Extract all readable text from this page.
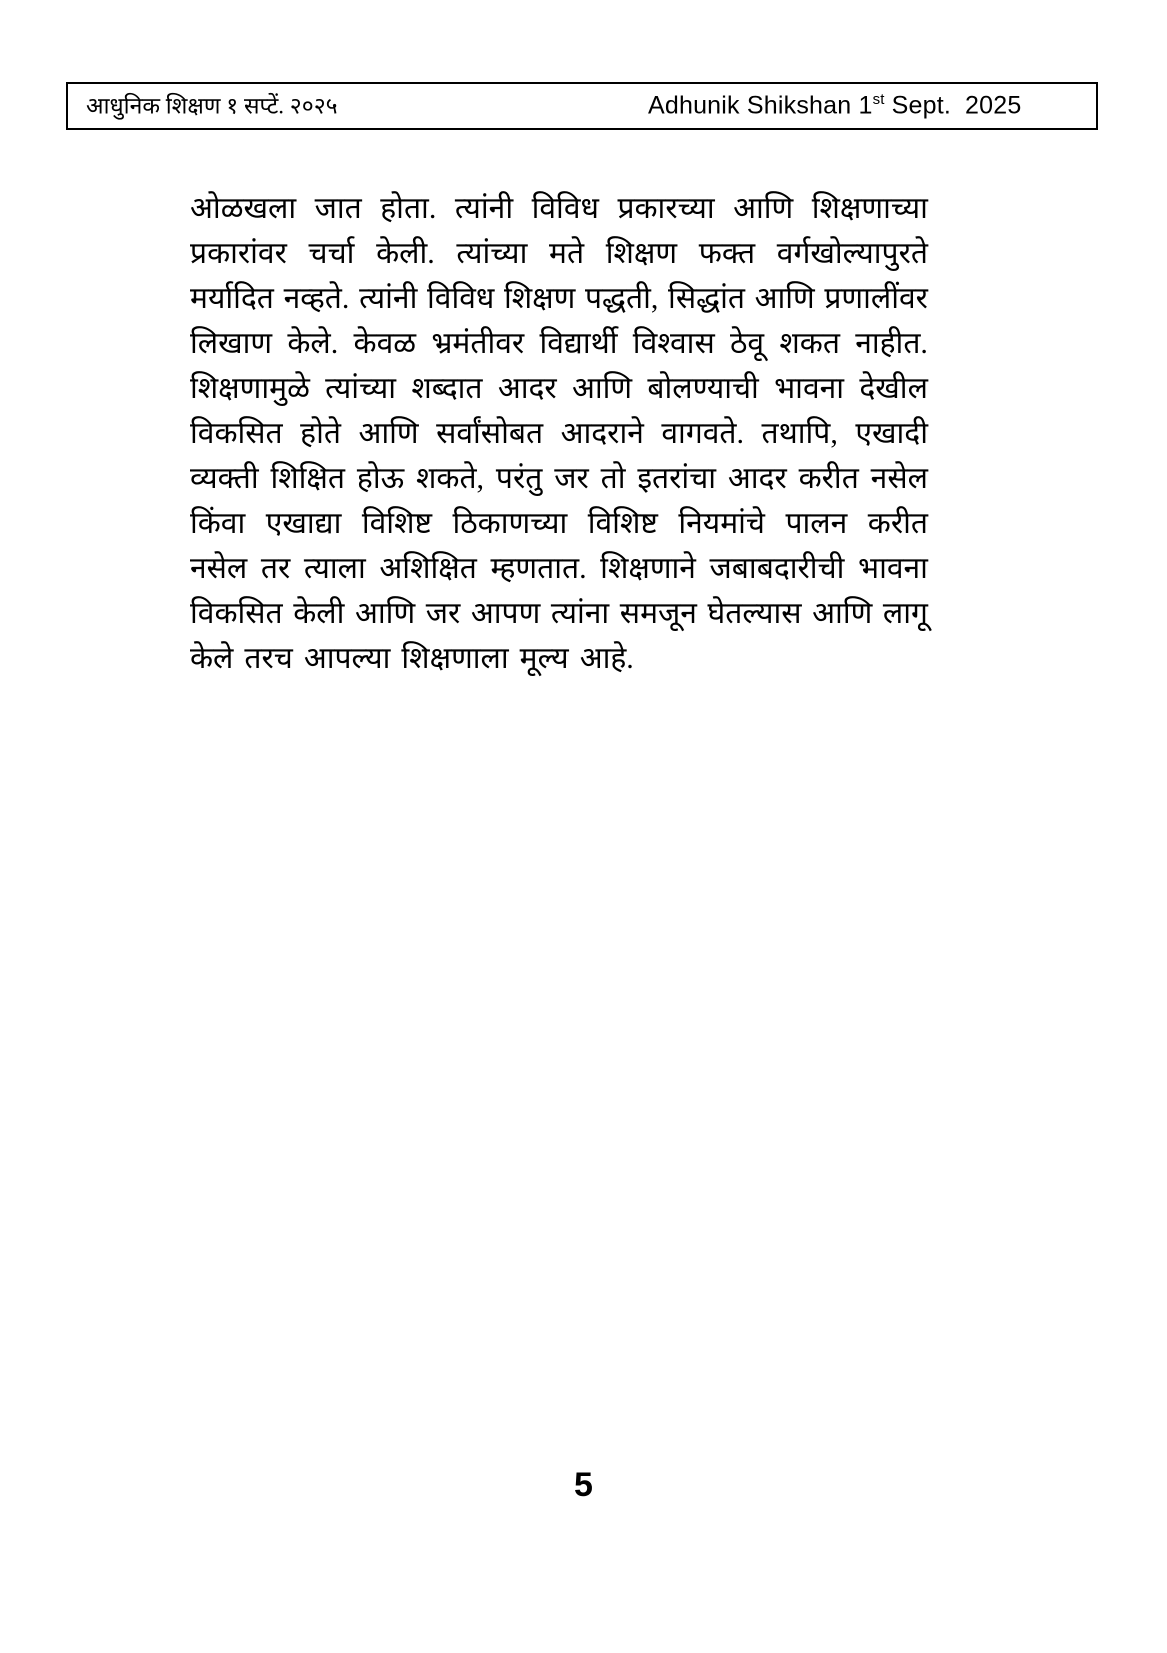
आधुनिक शिक्षण १ सप्टें. २०२५	Adhunik Shikshan 1st Sept. 2025
ओळखला जात होता. त्यांनी विविध प्रकारच्या आणि शिक्षणाच्या
प्रकारांवर चर्चा केली. त्यांच्या मते शिक्षण फक्त वर्गखोल्यापुरते
मर्यादित नव्हते. त्यांनी विविध शिक्षण पद्धती, सिद्धांत आणि प्रणालींवर
लिखाण केले. केवळ भ्रमंतीवर विद्यार्थी विश्वास ठेवू शकत नाहीत.
शिक्षणामुळे त्यांच्या शब्दात आदर आणि बोलण्याची भावना देखील
विकसित होते आणि सर्वांसोबत आदराने वागवते. तथापि, एखादी
व्यक्ती शिक्षित होऊ शकते, परंतु जर तो इतरांचा आदर करीत नसेल
किंवा एखाद्या विशिष्ट ठिकाणच्या विशिष्ट नियमांचे पालन करीत
नसेल तर त्याला अशिक्षित म्हणतात. शिक्षणाने जबाबदारीची भावना
विकसित केली आणि जर आपण त्यांना समजून घेतल्यास आणि लागू
केले तरच आपल्या शिक्षणाला मूल्य आहे.
5
